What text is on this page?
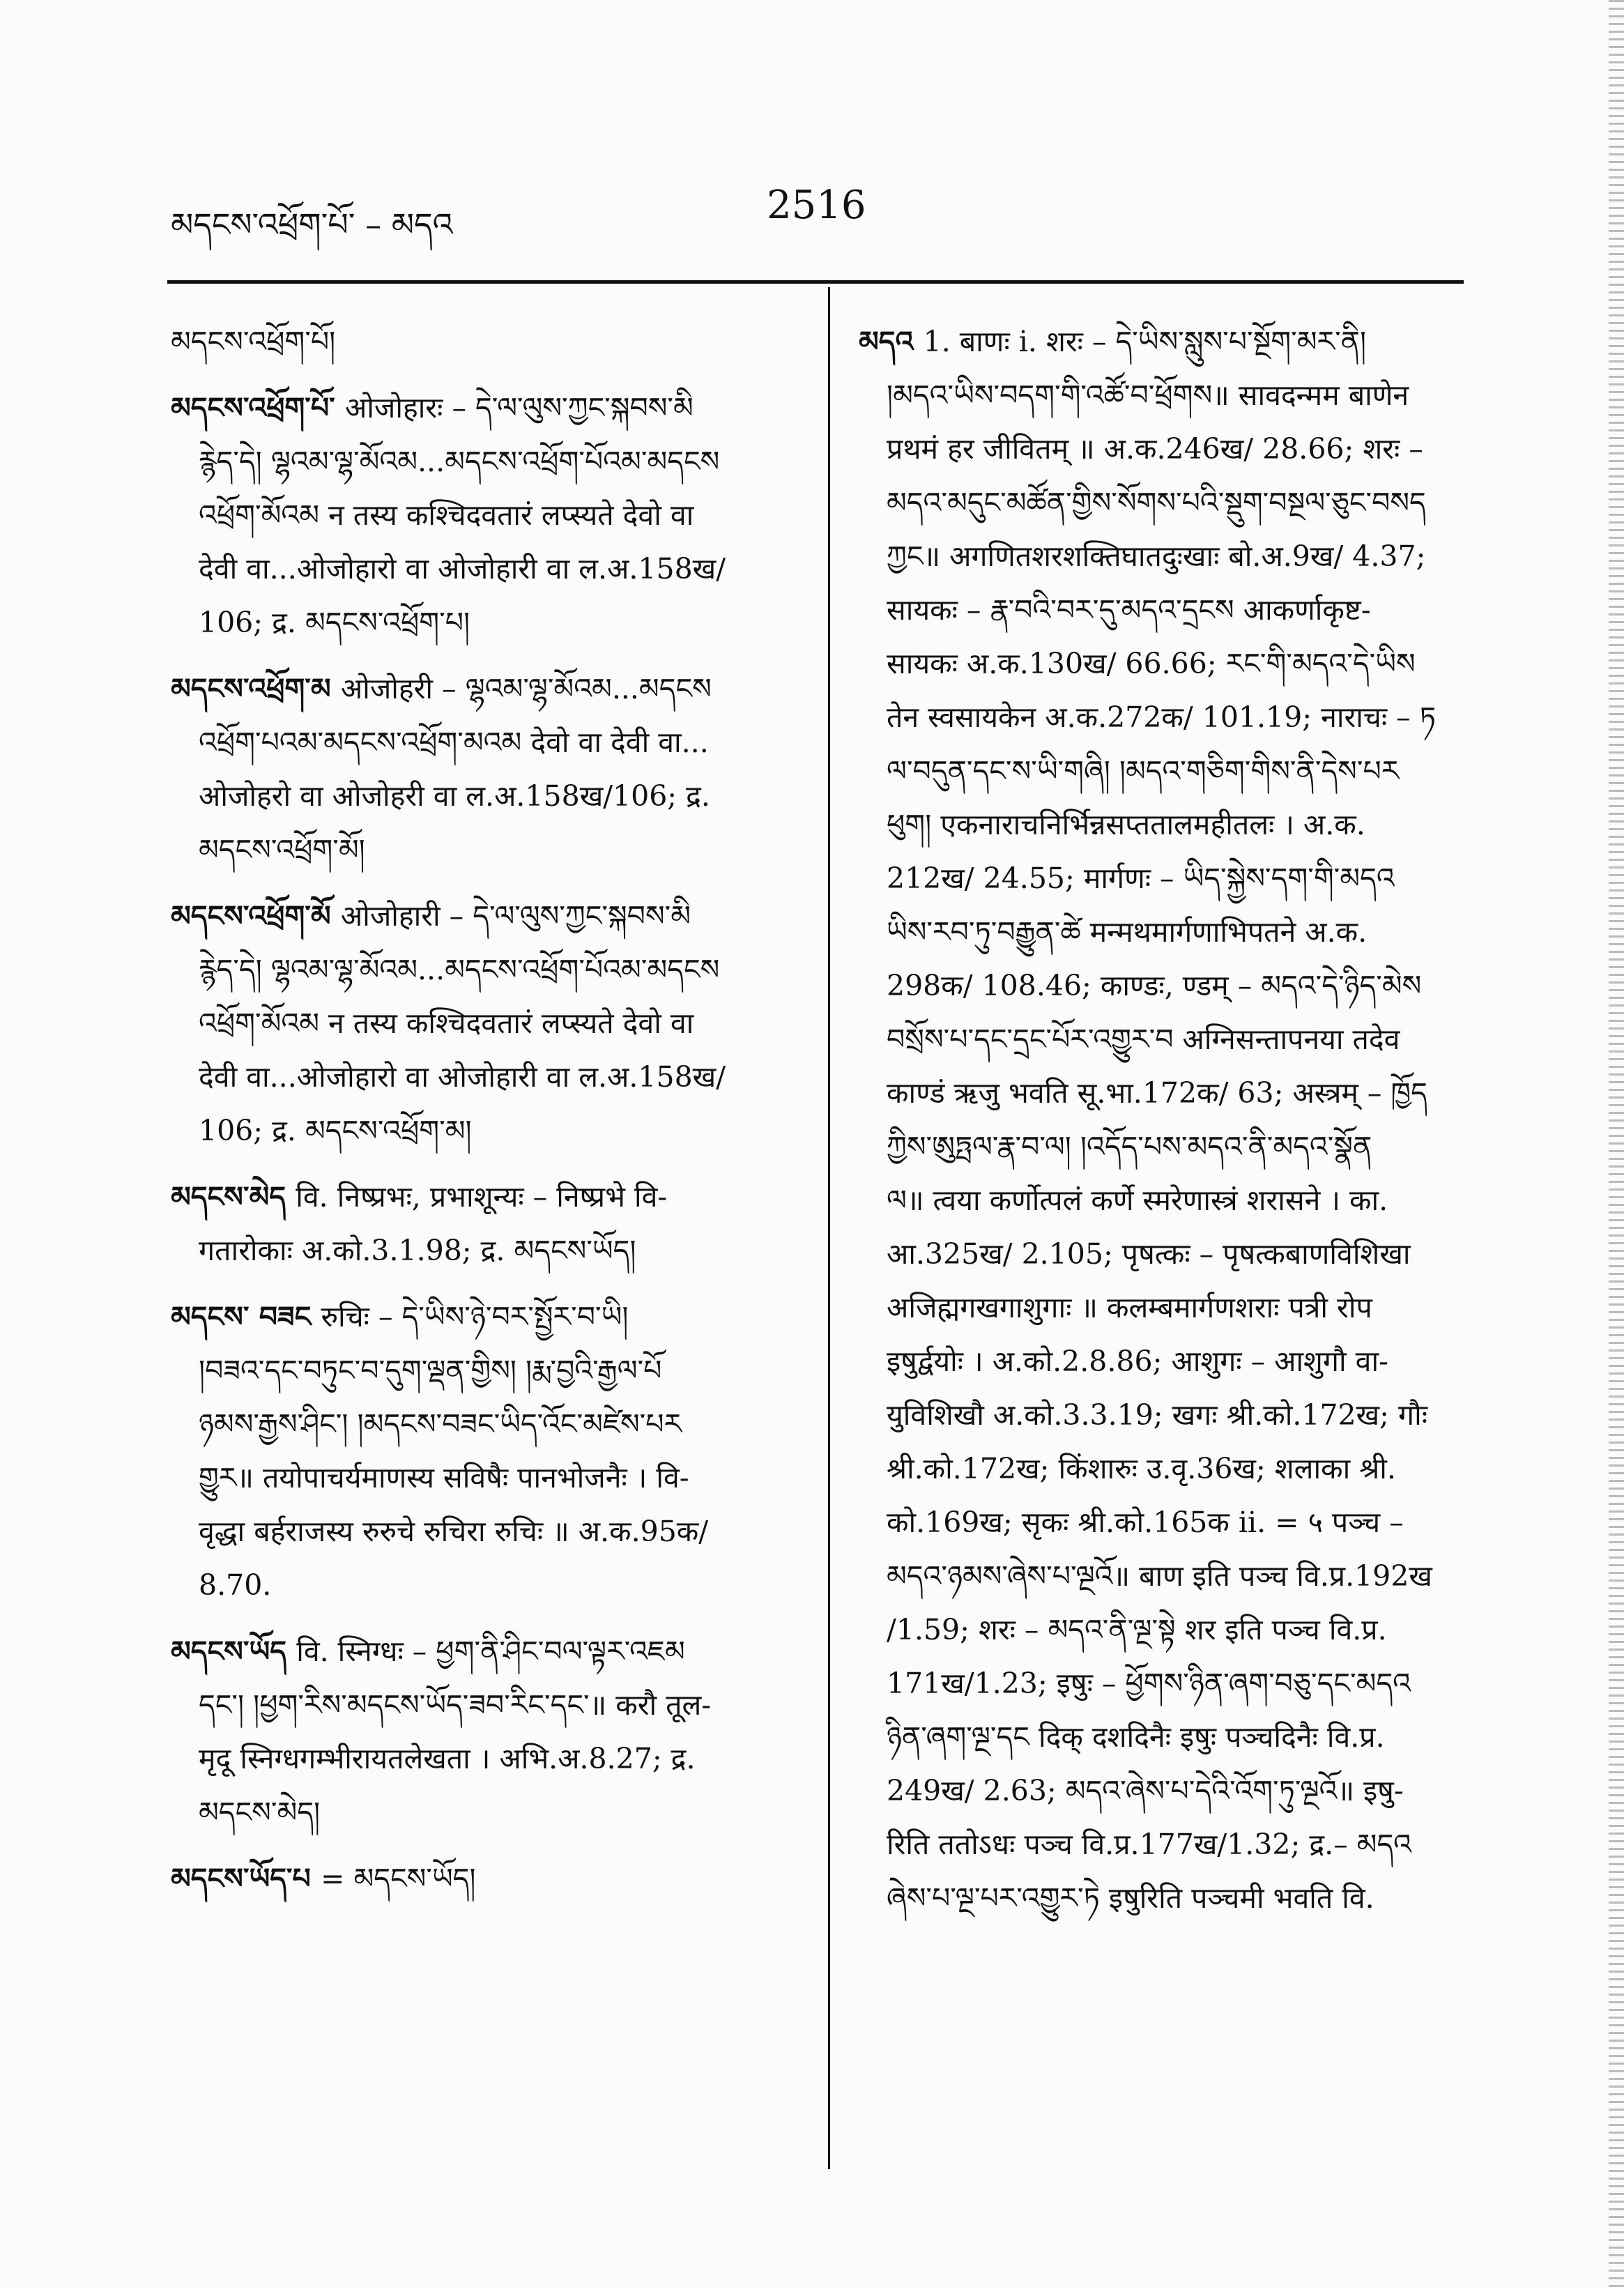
མདངས་འཕྲོག་པོ་ – མདའ	2516
མདངས་འཕྲོག་པོ།
མདངས་འཕྲོག་པོ་ ओजोहारः – དེ་ལ་ལུས་ཀྱང་སྐབས་མི
རྙེད་དེ། ལྷའམ་ལྷ་མོའམ...མདངས་འཕྲོག་པོའམ་མདངས
འཕྲོག་མོའམ न तस्य कश्चिदवतारं लप्स्यते देवो वा
देवी वा...ओजोहारो वा ओजोहारी वा ल.अ.158ख/
106; द्र. མདངས་འཕྲོག་པ།
མདངས་འཕྲོག་མ ओजोहरी – ལྷའམ་ལྷ་མོའམ...མདངས
འཕྲོག་པའམ་མདངས་འཕྲོག་མའམ देवो वा देवी वा...
ओजोहरो वा ओजोहरी वा ल.अ.158ख/106; द्र.
མདངས་འཕྲོག་མོ།
མདངས་འཕྲོག་མོ ओजोहारी – དེ་ལ་ལུས་ཀྱང་སྐབས་མི
རྙེད་དེ། ལྷའམ་ལྷ་མོའམ...མདངས་འཕྲོག་པོའམ་མདངས
འཕྲོག་མོའམ न तस्य कश्चिदवतारं लप्स्यते देवो वा
देवी वा...ओजोहारो वा ओजोहारी वा ल.अ.158ख/
106; द्र. མདངས་འཕྲོག་མ།
མདངས་མེད वि. निष्प्रभः, प्रभाशून्यः – निष्प्रभे वि-
गतारोकाः अ.को.3.1.98; द्र. མདངས་ཡོད།
མདངས་ བཟང रुचिः – དེ་ཡིས་ཉེ་བར་སྤྱོར་བ་ཡི།
།བཟའ་དང་བཏུང་བ་དུག་ལྡན་གྱིས། །རྨ་བྱའི་རྒྱལ་པོ
ཉམས་རྒྱས་ཤིང་། །མདངས་བཟང་ཡིད་འོང་མཛེས་པར
གྱུར॥ तयोपाचर्यमाणस्य सविषैः पानभोजनैः । वि-
वृद्धा बर्हराजस्य रुरुचे रुचिरा रुचिः ॥ अ.क.95क/
8.70.
མདངས་ཡོད वि. स्निग्धः – ཕྱག་ནི་ཤིང་བལ་ལྟར་འཇམ
དང་། །ཕྱག་རིས་མདངས་ཡོད་ཟབ་རིང་དང་॥ करौ तूल-
मृदू स्निग्धगम्भीरायतलेखता । अभि.अ.8.27; द्र.
མདངས་མེད།
མདངས་ཡོད་པ = མདངས་ཡོད།
མདའ 1. बाणः i. शरः – དེ་ཡིས་སླུས་པ་སྔོག་མར་ནི།
།མདའ་ཡིས་བདག་གི་འཚོ་བ་ཕྲོགས॥ सावदन्मम बाणेन
प्रथमं हर जीवितम् ॥ अ.क.246ख/ 28.66; शरः –
མདའ་མདུང་མཚོན་གྱིས་སོགས་པའི་སྡུག་བསྔལ་ཅུང་བསད
ཀྱང॥ अगणितशरशक्तिघातदुःखाः बो.अ.9ख/ 4.37;
सायकः – རྣ་བའི་བར་དུ་མདའ་དྲངས आकर्णाकृष्ट-
सायकः अ.क.130ख/ 66.66; རང་གི་མདའ་དེ་ཡིས
तेन स्वसायकेन अ.क.272क/ 101.19; नाराचः – ཏ
ལ་བདུན་དང་ས་ཡི་གཞི། །མདའ་གཅིག་གིས་ནི་དེས་པར
ཕུག། एकनाराचनिर्भिन्नसप्ततालमहीतलः । अ.क.
212ख/ 24.55; मार्गणः – ཡིད་སྐྱེས་དག་གི་མདའ
ཡིས་རབ་ཏུ་བརྒྱུན་ཚེ मन्मथमार्गणाभिपतने अ.क.
298क/ 108.46; काण्डः, ण्डम् – མདའ་དེ་ཉིད་མེས
བསྲོས་པ་དང་དྲང་པོར་འགྱུར་བ अग्निसन्तापनया तदेव
काण्डं ऋजु भवति सू.भा.172क/ 63; अस्त्रम् – ཁྱོད
ཀྱིས་ཨུཏྤལ་རྣ་བ་ལ། །འདོད་པས་མདའ་ནི་མདའ་སྣོན
ལ॥ त्वया कर्णोत्पलं कर्णे स्मरेणास्त्रं शरासने । का.
आ.325ख/ 2.105; पृषत्कः – पृषत्कबाणविशिखा
अजिह्मगखगाशुगाः ॥ कलम्बमार्गणशराः पत्री रोप
इषुर्द्वयोः । अ.को.2.8.86; आशुगः – आशुगौ वा-
युविशिखौ अ.को.3.3.19; खगः श्री.को.172ख; गौः
श्री.को.172ख; किंशारुः उ.वृ.36ख; शलाका श्री.
को.169ख; सृकः श्री.को.165क ii. = ५ पञ्च –
མདའ་ཉམས་ཞེས་པ་ལྔའོ॥ बाण इति पञ्च वि.प्र.192ख
/1.59; शरः – མདའ་ནི་ལྔ་སྟེ शर इति पञ्च वि.प्र.
171ख/1.23; इषुः – ཕྱོགས་ཉིན་ཞག་བཅུ་དང་མདའ
ཉིན་ཞག་ལྔ་དང दिक् दशदिनैः इषुः पञ्चदिनैः वि.प्र.
249ख/ 2.63; མདའ་ཞེས་པ་དེའི་འོག་ཏུ་ལྔའོ॥ इषु-
रिति ततोऽधः पञ्च वि.प्र.177ख/1.32; द्र.– མདའ
ཞེས་པ་ལྔ་པར་འགྱུར་ཏེ इषुरिति पञ्चमी भवति वि.
